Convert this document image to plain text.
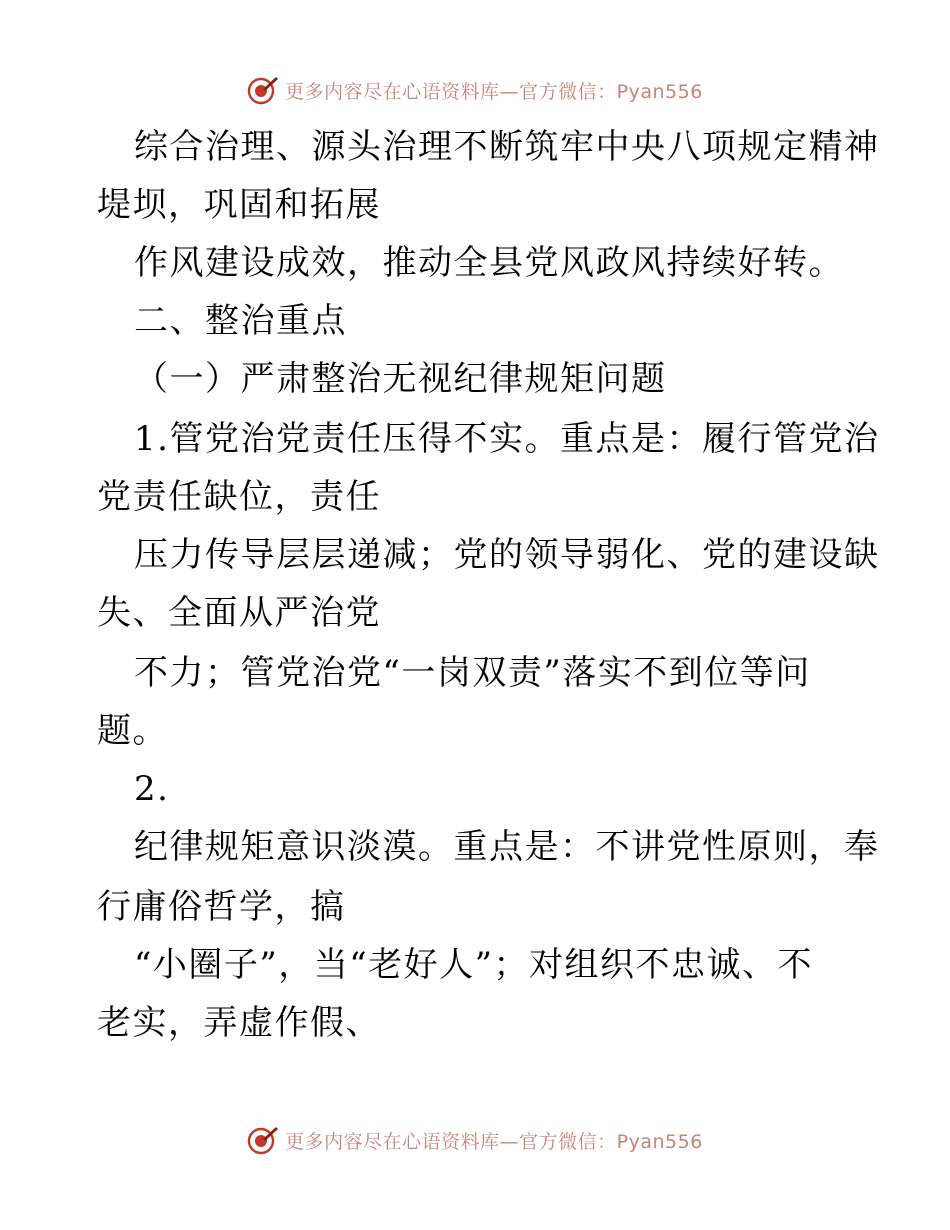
更多内容尽在心语资料库—官方微信：Pyan556
综合治理、源头治理不断筑牢中央八项规定精神
堤坝，巩固和拓展
作风建设成效，推动全县党风政风持续好转。
二、整治重点
（一）严肃整治无视纪律规矩问题
1.管党治党责任压得不实。重点是：履行管党治
党责任缺位，责任
压力传导层层递减；党的领导弱化、党的建设缺
失、全面从严治党
不力；管党治党“一岗双责”落实不到位等问
题。
2.
纪律规矩意识淡漠。重点是：不讲党性原则，奉
行庸俗哲学，搞
“小圈子”，当“老好人”；对组织不忠诚、不
老实，弄虚作假、
更多内容尽在心语资料库—官方微信：Pyan556
